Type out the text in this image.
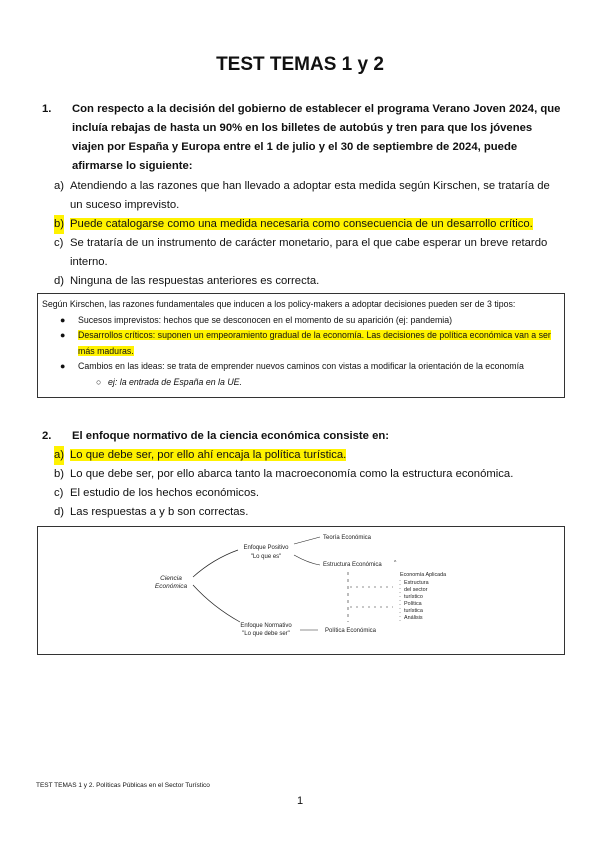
TEST TEMAS 1 y 2
1. Con respecto a la decisión del gobierno de establecer el programa Verano Joven 2024, que incluía rebajas de hasta un 90% en los billetes de autobús y tren para que los jóvenes viajen por España y Europa entre el 1 de julio y el 30 de septiembre de 2024, puede afirmarse lo siguiente:
a) Atendiendo a las razones que han llevado a adoptar esta medida según Kirschen, se trataría de un suceso imprevisto.
b) Puede catalogarse como una medida necesaria como consecuencia de un desarrollo crítico.
c) Se trataría de un instrumento de carácter monetario, para el que cabe esperar un breve retardo interno.
d) Ninguna de las respuestas anteriores es correcta.
Según Kirschen, las razones fundamentales que inducen a los policy-makers a adoptar decisiones pueden ser de 3 tipos:
● Sucesos imprevistos: hechos que se desconocen en el momento de su aparición (ej: pandemia)
● Desarrollos críticos: suponen un empeoramiento gradual de la economía. Las decisiones de política económica van a ser más maduras.
● Cambios en las ideas: se trata de emprender nuevos caminos con vistas a modificar la orientación de la economía
○ ej: la entrada de España en la UE.
2. El enfoque normativo de la ciencia económica consiste en:
a) Lo que debe ser, por ello ahí encaja la política turística.
b) Lo que debe ser, por ello abarca tanto la macroeconomía como la estructura económica.
c) El estudio de los hechos económicos.
d) Las respuestas a y b son correctas.
Ciencia
Económica
Enfoque Positivo
"Lo que es"
Teoría Económica
Estructura Económica ^
Enfoque Normativo
"Lo que debe ser"	Política Económica
Economía Aplicada
Estructura
del sector
turístico
Política
turística
Análisis
TEST TEMAS 1 y 2. Políticas Públicas en el Sector Turístico
1
